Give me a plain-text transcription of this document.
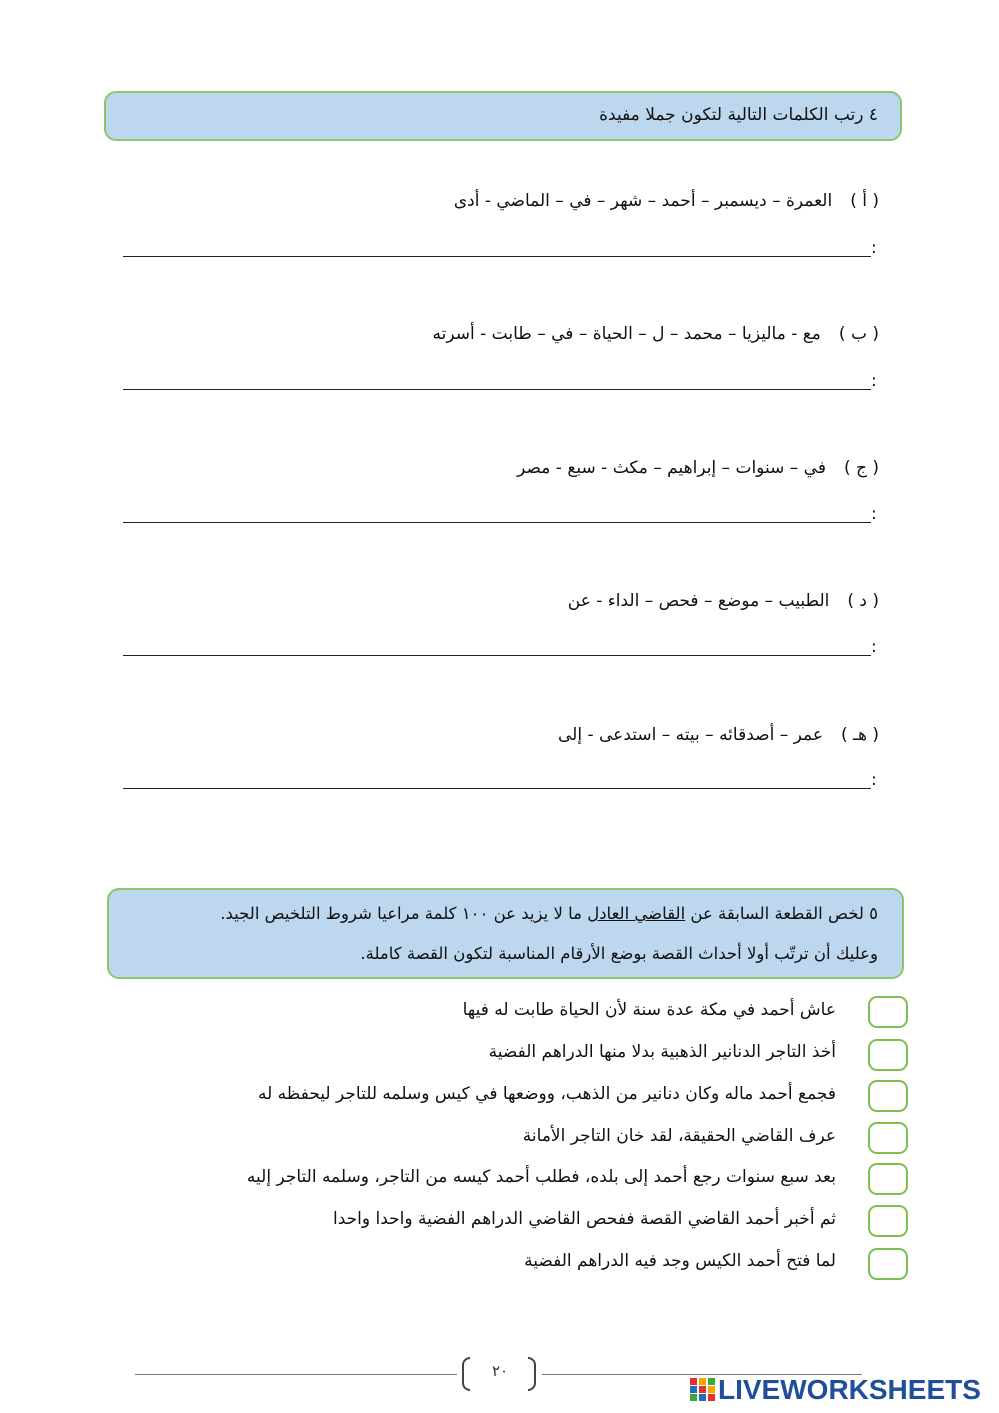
٤ رتب الكلمات التالية لتكون جملا مفيدة
( أ )العمرة – ديسمبر – أحمد – شهر – في – الماضي - أدى
:
( ب )مع - ماليزيا – محمد – ل – الحياة – في – طابت - أسرته
:
( ج )في – سنوات – إبراهيم – مكث - سبع - مصر
:
( د )الطبيب – موضع – فحص – الداء - عن
:
( هـ )عمر – أصدقائه – بيته – استدعى - إلى
:
٥ لخص القطعة السابقة عن القاضي العادل ما لا يزيد عن ١٠٠ كلمة مراعيا شروط التلخيص الجيد.
وعليك أن ترتّب أولا أحداث القصة بوضع الأرقام المناسبة لتكون القصة كاملة.
عاش أحمد في مكة عدة سنة لأن الحياة طابت له فيها
أخذ التاجر الدنانير الذهبية بدلا منها الدراهم الفضية
فجمع أحمد ماله وكان دنانير من الذهب، ووضعها في كيس وسلمه للتاجر ليحفظه له
عرف القاضي الحقيقة، لقد خان التاجر الأمانة
بعد سبع سنوات رجع أحمد إلى بلده، فطلب أحمد كيسه من التاجر، وسلمه التاجر إليه
ثم أخبر أحمد القاضي القصة ففحص القاضي الدراهم الفضية واحدا واحدا
لما فتح أحمد الكيس وجد فيه الدراهم الفضية
٢٠
LIVEWORKSHEETS
